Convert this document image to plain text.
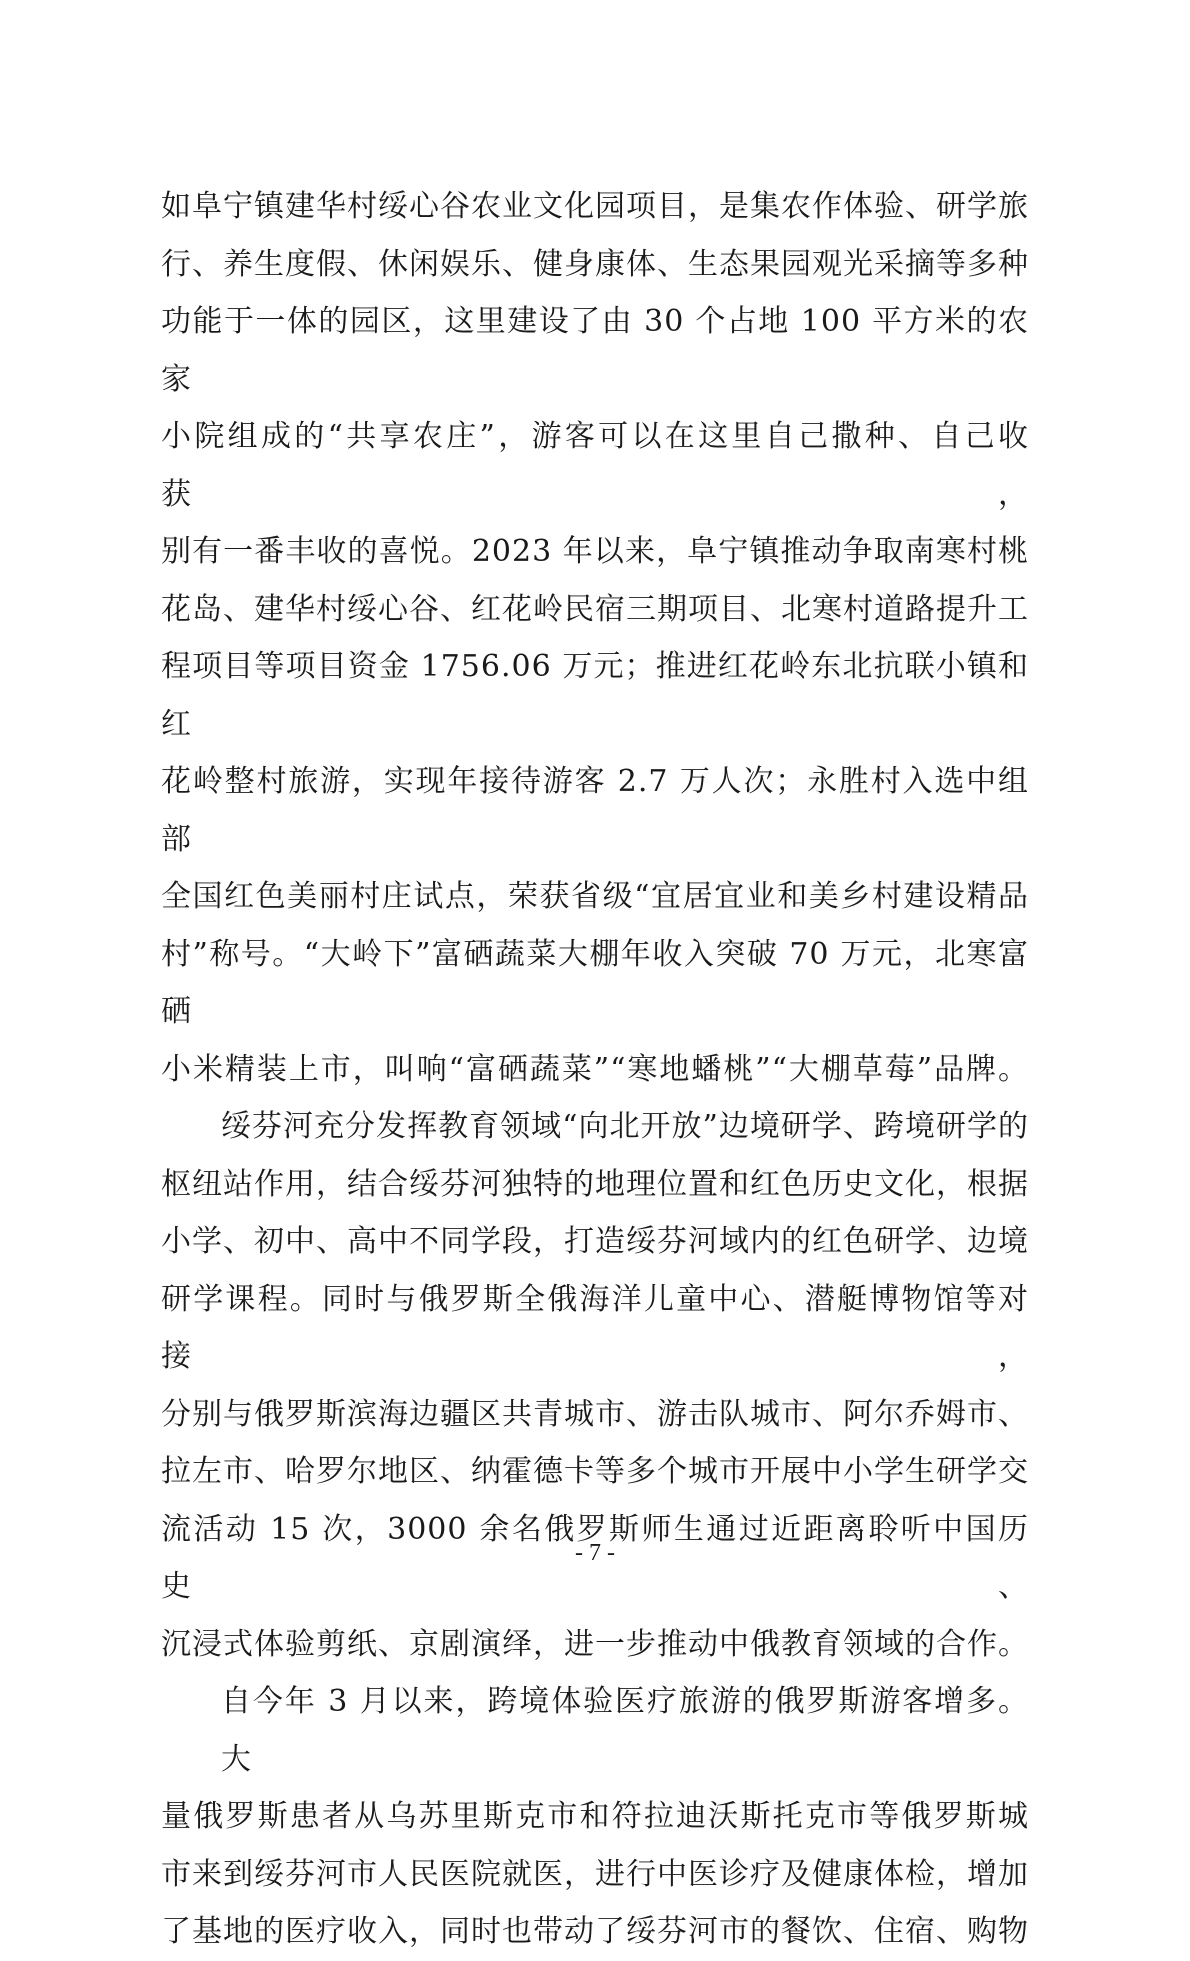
如阜宁镇建华村绥心谷农业文化园项目，是集农作体验、研学旅
行、养生度假、休闲娱乐、健身康体、生态果园观光采摘等多种
功能于一体的园区，这里建设了由 30 个占地 100 平方米的农家
小院组成的“共享农庄”，游客可以在这里自己撒种、自己收获，
别有一番丰收的喜悦。2023 年以来，阜宁镇推动争取南寒村桃
花岛、建华村绥心谷、红花岭民宿三期项目、北寒村道路提升工
程项目等项目资金 1756.06 万元；推进红花岭东北抗联小镇和红
花岭整村旅游，实现年接待游客 2.7 万人次；永胜村入选中组部
全国红色美丽村庄试点，荣获省级“宜居宜业和美乡村建设精品
村”称号。“大岭下”富硒蔬菜大棚年收入突破 70 万元，北寒富硒
小米精装上市，叫响“富硒蔬菜”“寒地蟠桃”“大棚草莓”品牌。
绥芬河充分发挥教育领域“向北开放”边境研学、跨境研学的
枢纽站作用，结合绥芬河独特的地理位置和红色历史文化，根据
小学、初中、高中不同学段，打造绥芬河域内的红色研学、边境
研学课程。同时与俄罗斯全俄海洋儿童中心、潜艇博物馆等对接，
分别与俄罗斯滨海边疆区共青城市、游击队城市、阿尔乔姆市、
拉左市、哈罗尔地区、纳霍德卡等多个城市开展中小学生研学交
流活动 15 次，3000 余名俄罗斯师生通过近距离聆听中国历史、
沉浸式体验剪纸、京剧演绎，进一步推动中俄教育领域的合作。
自今年 3 月以来，跨境体验医疗旅游的俄罗斯游客增多。大
量俄罗斯患者从乌苏里斯克市和符拉迪沃斯托克市等俄罗斯城
市来到绥芬河市人民医院就医，进行中医诊疗及健康体检，增加
了基地的医疗收入，同时也带动了绥芬河市的餐饮、住宿、购物
- 7 -
